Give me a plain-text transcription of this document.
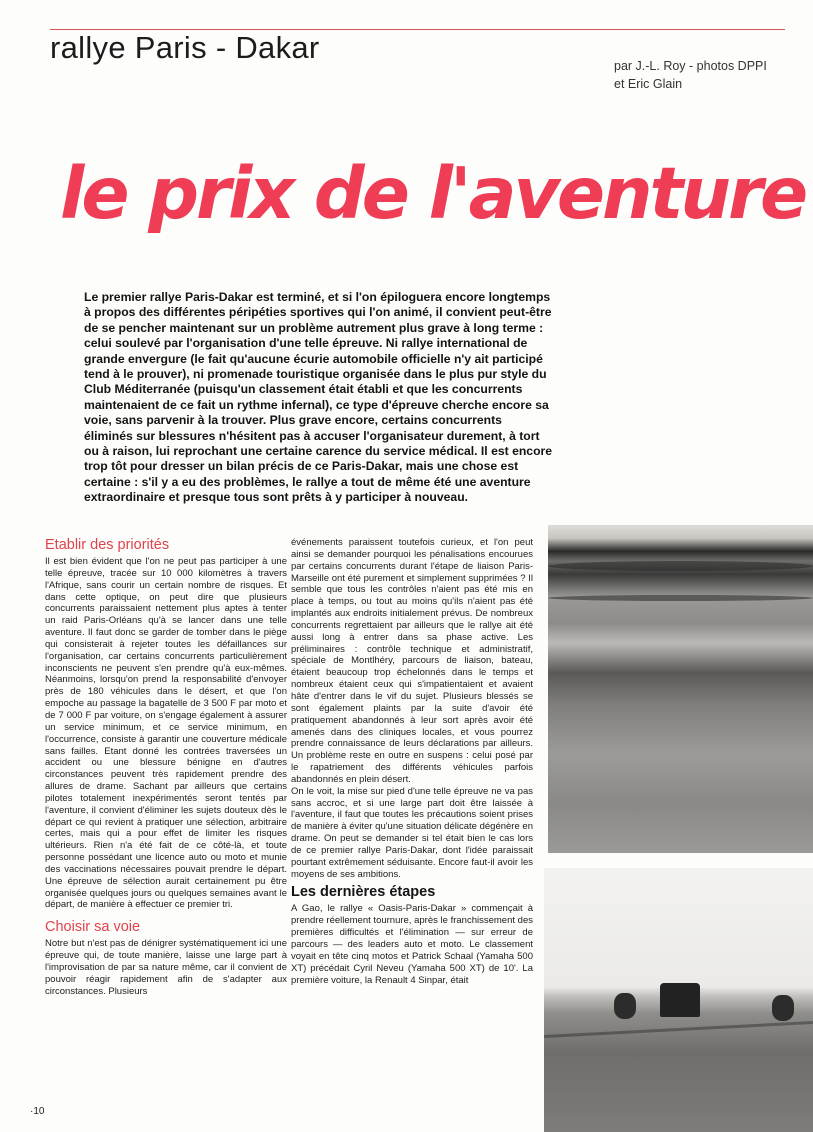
rallye Paris - Dakar
par J.-L. Roy - photos DPPI
et Eric Glain
le prix de l'aventure

Le premier rallye Paris-Dakar est terminé, et si l'on épiloguera encore longtemps à propos des différentes péripéties sportives qui l'on animé, il convient peut-être de se pencher maintenant sur un problème autrement plus grave à long terme : celui soulevé par l'organisation d'une telle épreuve. Ni rallye international de grande envergure (le fait qu'aucune écurie automobile officielle n'y ait participé tend à le prouver), ni promenade touristique organisée dans le plus pur style du Club Méditerranée (puisqu'un classement était établi et que les concurrents maintenaient de ce fait un rythme infernal), ce type d'épreuve cherche encore sa voie, sans parvenir à la trouver. Plus grave encore, certains concurrents éliminés sur blessures n'hésitent pas à accuser l'organisateur durement, à tort ou à raison, lui reprochant une certaine carence du service médical. Il est encore trop tôt pour dresser un bilan précis de ce Paris-Dakar, mais une chose est certaine : s'il y a eu des problèmes, le rallye a tout de même été une aventure extraordinaire et presque tous sont prêts à y participer à nouveau.

Etablir des priorités

Il est bien évident que l'on ne peut pas participer à une telle épreuve, tracée sur 10 000 kilomètres à travers l'Afrique, sans courir un certain nombre de risques. Et dans cette optique, on peut dire que plusieurs concurrents paraissaient nettement plus aptes à tenter un raid Paris-Orléans qu'à se lancer dans une telle aventure. Il faut donc se garder de tomber dans le piège qui consisterait à rejeter toutes les défaillances sur l'organisation, car certains concurrents particulièrement inconscients ne peuvent s'en prendre qu'à eux-mêmes. Néanmoins, lorsqu'on prend la responsabilité d'envoyer près de 180 véhicules dans le désert, et que l'on empoche au passage la bagatelle de 3 500 F par moto et de 7 000 F par voiture, on s'engage également à assurer un service minimum, et ce service minimum, en l'occurrence, consiste à garantir une couverture médicale sans failles. Etant donné les contrées traversées un accident ou une blessure bénigne en d'autres circonstances peuvent très rapidement prendre des allures de drame. Sachant par ailleurs que certains pilotes totalement inexpérimentés seront tentés par l'aventure, il convient d'éliminer les sujets douteux dès le départ ce qui revient à pratiquer une sélection, arbitraire certes, mais qui a pour effet de limiter les risques ultérieurs. Rien n'a été fait de ce côté-là, et toute personne possédant une licence auto ou moto et munie des vaccinations nécessaires pouvait prendre le départ. Une épreuve de sélection aurait certainement pu être organisée quelques jours ou quelques semaines avant le départ, de manière à effectuer ce premier tri.

Choisir sa voie

Notre but n'est pas de dénigrer systématiquement ici une épreuve qui, de toute manière, laisse une large part à l'improvisation de par sa nature même, car il convient de pouvoir réagir rapidement afin de s'adapter aux circonstances. Plusieurs

événements paraissent toutefois curieux, et l'on peut ainsi se demander pourquoi les pénalisations encourues par certains concurrents durant l'étape de liaison Paris-Marseille ont été purement et simplement supprimées ? Il semble que tous les contrôles n'aient pas été mis en place à temps, ou tout au moins qu'ils n'aient pas été implantés aux endroits initialement prévus. De nombreux concurrents regrettaient par ailleurs que le rallye ait été aussi long à entrer dans sa phase active. Les préliminaires : contrôle technique et administratif, spéciale de Montlhéry, parcours de liaison, bateau, étaient beaucoup trop échelonnés dans le temps et nombreux étaient ceux qui s'impatientaient et avaient hâte d'entrer dans le vif du sujet. Plusieurs blessés se sont également plaints par la suite d'avoir été pratiquement abandonnés à leur sort après avoir été amenés dans des cliniques locales, et vous pourrez prendre connaissance de leurs déclarations par ailleurs. Un problème reste en outre en suspens : celui posé par le rapatriement des différents véhicules parfois abandonnés en plein désert.

On le voit, la mise sur pied d'une telle épreuve ne va pas sans accroc, et si une large part doit être laissée à l'aventure, il faut que toutes les précautions soient prises de manière à éviter qu'une situation délicate dégénère en drame. On peut se demander si tel était bien le cas lors de ce premier rallye Paris-Dakar, dont l'idée paraissait pourtant extrêmement séduisante. Encore faut-il avoir les moyens de ses ambitions.

Les dernières étapes

A Gao, le rallye « Oasis-Paris-Dakar » commençait à prendre réellement tournure, après le franchissement des premières difficultés et l'élimination — sur erreur de parcours — des leaders auto et moto. Le classement voyait en tête cinq motos et Patrick Schaal (Yamaha 500 XT) précédait Cyril Neveu (Yamaha 500 XT) de 10'. La première voiture, la Renault 4 Sinpar, était

·10
